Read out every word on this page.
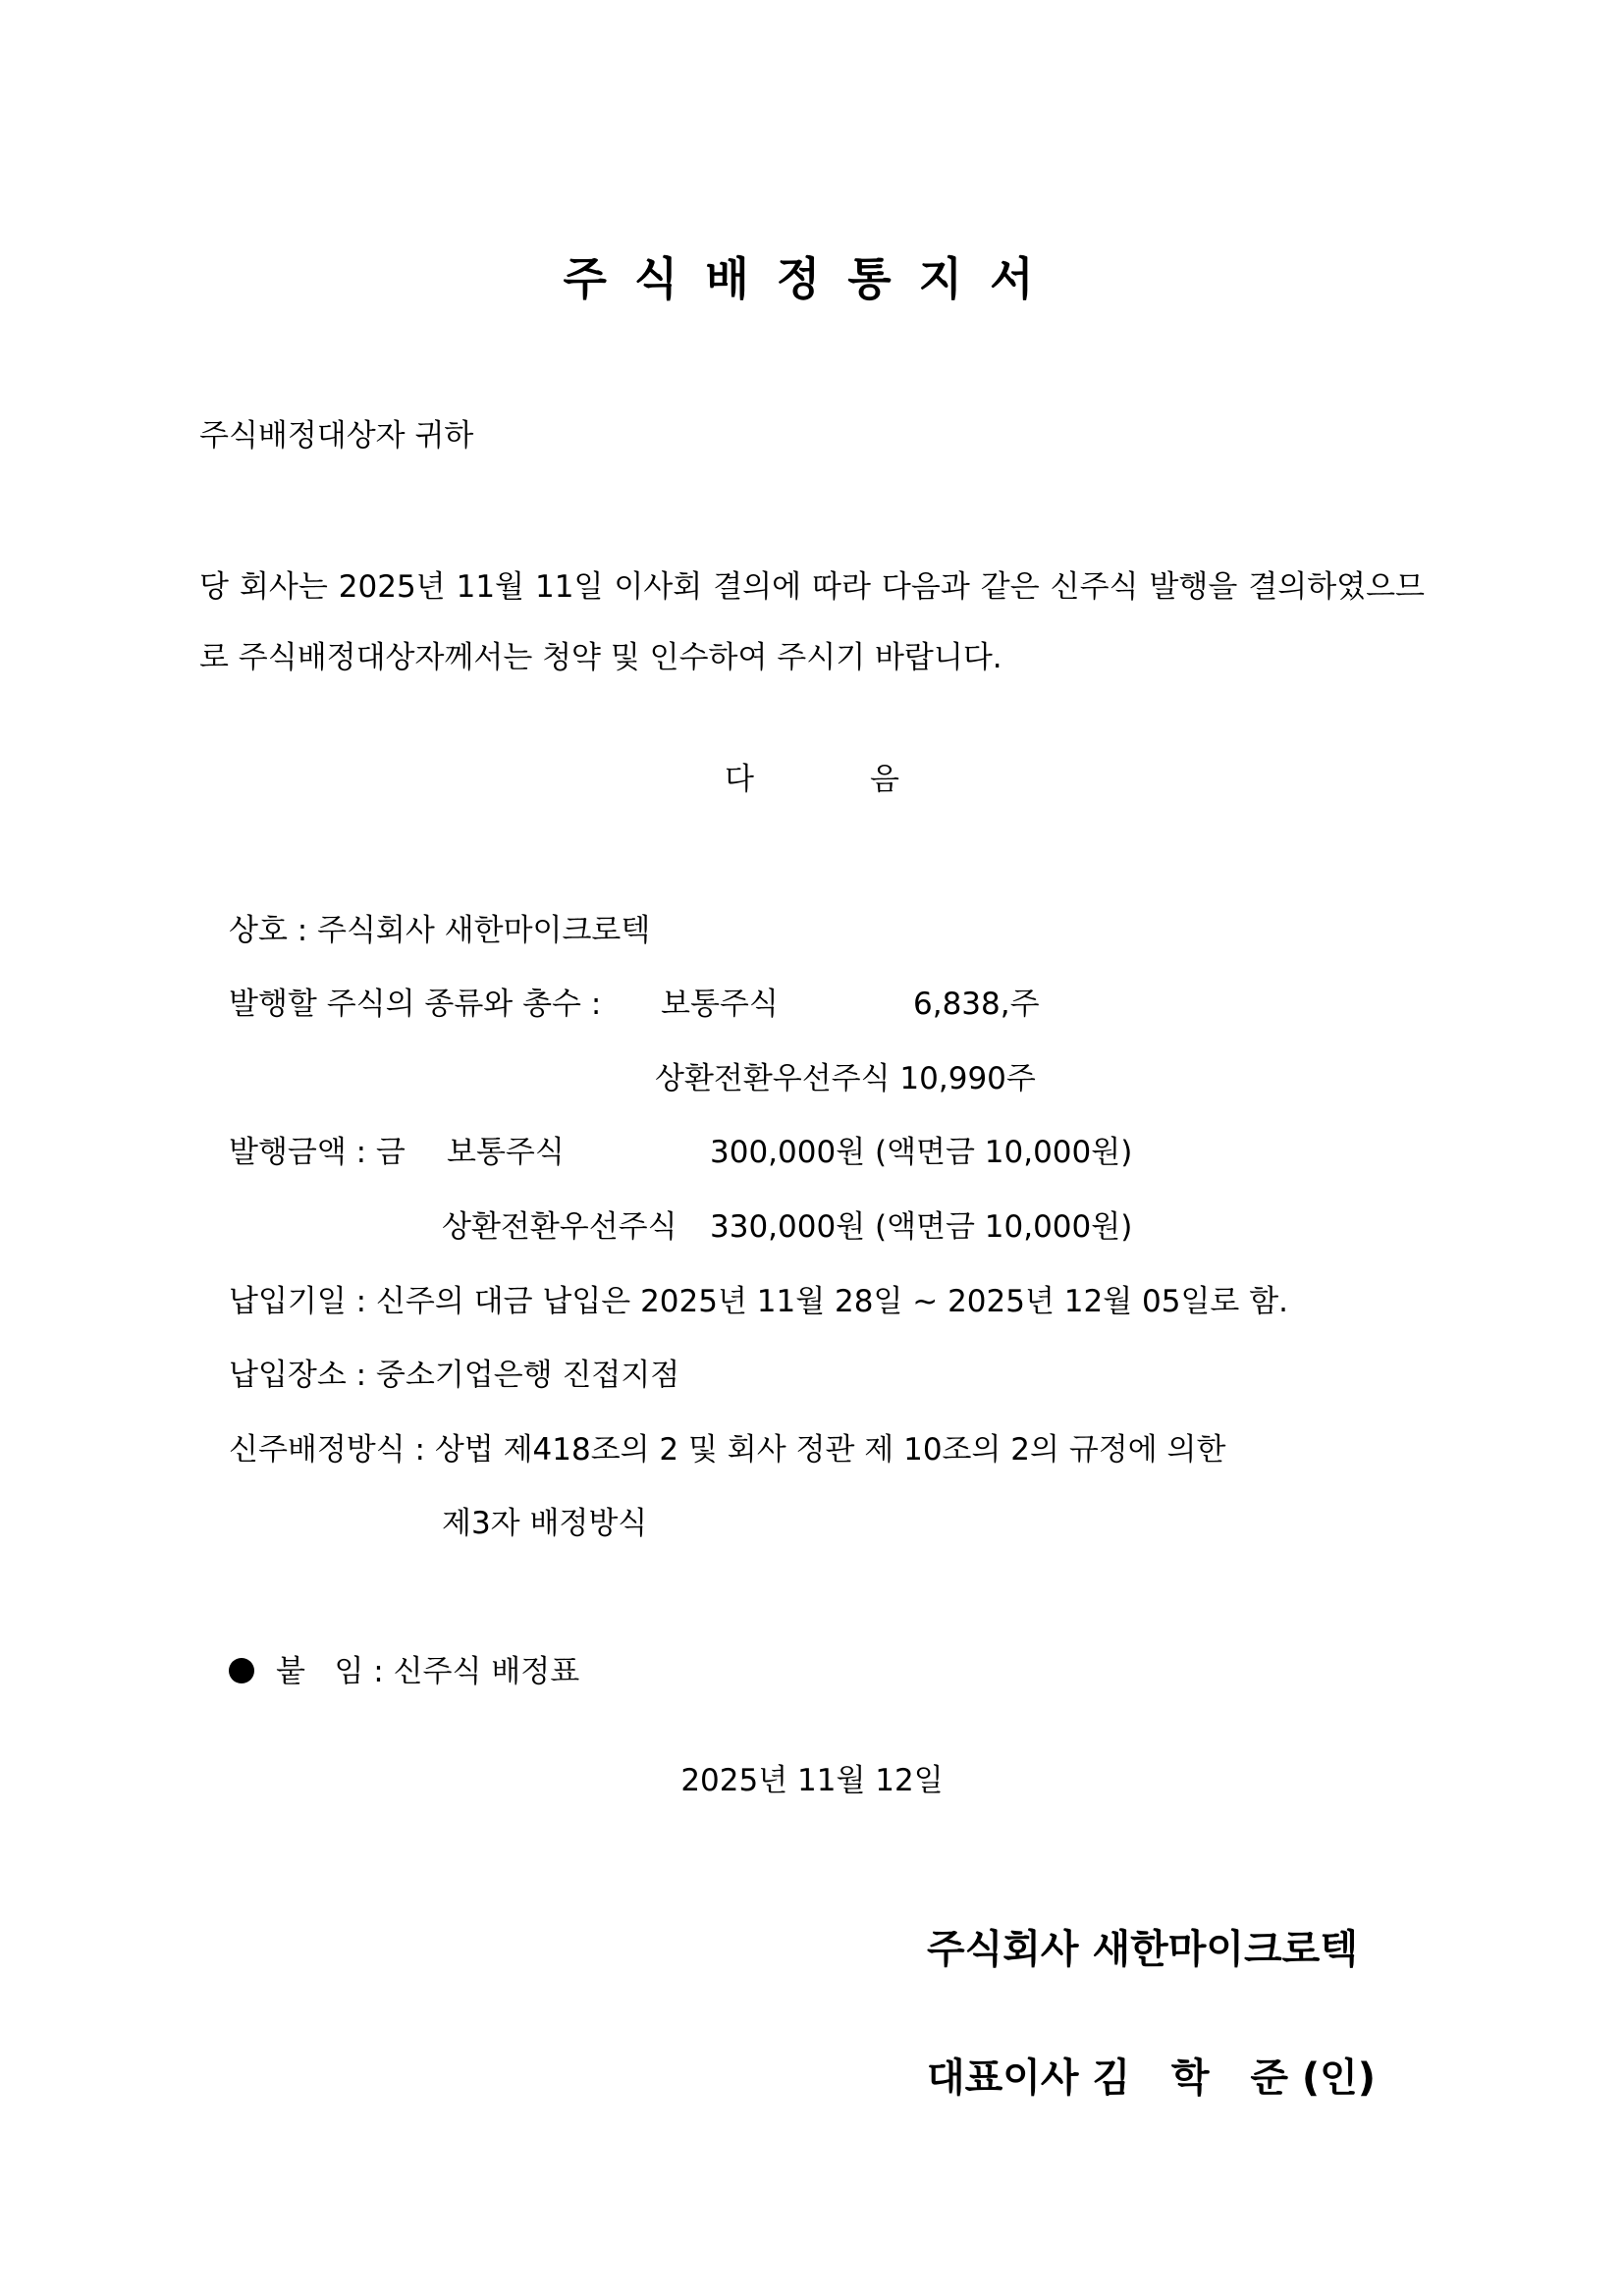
주식배정통지서
주식배정대상자 귀하
당 회사는 2025년 11월 11일 이사회 결의에 따라 다음과 같은 신주식 발행을 결의하였으므로 주식배정대상자께서는 청약 및 인수하여 주시기 바랍니다.
다	음
상호 : 주식회사 새한마이크로텍
발행할 주식의 종류와 총수 : 보통주식	6,838,주
상환전환우선주식 10,990주
발행금액 : 금 보통주식	300,000원 (액면금 10,000원)
상환전환우선주식 330,000원 (액면금 10,000원)
납입기일 : 신주의 대금 납입은 2025년 11월 28일 ~ 2025년 12월 05일로 함.
납입장소 : 중소기업은행 진접지점
신주배정방식 : 상법 제418조의 2 및 회사 정관 제 10조의 2의 규정에 의한
제3자 배정방식
붙   임 : 신주식 배정표
2025년 11월 12일
주식회사 새한마이크로텍
대표이사 김   학   준 (인)
